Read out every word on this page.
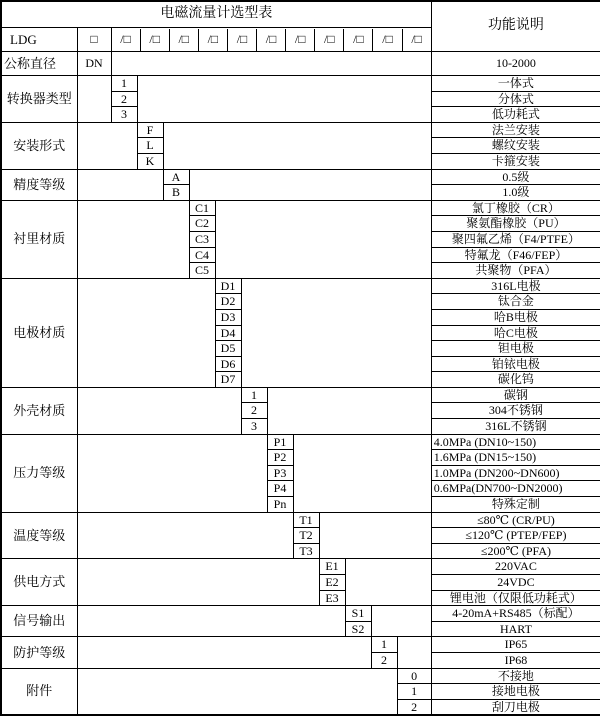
电磁流量计选型表														功能说明
LDG	□	/□	/□	/□	/□	/□	/□	/□	/□	/□	/□	/□

公称直径	DN													10-2000
转换器类型		1												一体式
		2												分体式
		3												低功耗式
安装形式			F											法兰安装
			L											螺纹安装
			K											卡箍安装
精度等级				A										0.5级
				B										1.0级
衬里材质					C1									氯丁橡胶（CR）
					C2									聚氨酯橡胶（PU）
					C3									聚四氟乙烯（F4/PTFE）
					C4									特氟龙（F46/FEP）
					C5									共聚物（PFA）
电极材质						D1								316L电极
						D2								钛合金
						D3								哈B电极
						D4								哈C电极
						D5								钽电极
						D6								铂铱电极
						D7								碳化钨
外壳材质							1							碳钢
							2							304不锈钢
							3							316L不锈钢
压力等级								P1						4.0MPa (DN10~150)
								P2						1.6MPa (DN15~150)
								P3						1.0MPa (DN200~DN600)
								P4						0.6MPa(DN700~DN2000)
								Pn						特殊定制
温度等级									T1					≤80℃ (CR/PU)
									T2					≤120℃ (PTEP/FEP)
									T3					≤200℃ (PFA)
供电方式										E1				220VAC
										E2				24VDC
										E3				锂电池（仅限低功耗式）
信号输出											S1			4-20mA+RS485（标配）
											S2			HART
防护等级												1		IP65
												2		IP68
附件													0	不接地
													1	接地电极
													2	刮刀电极
